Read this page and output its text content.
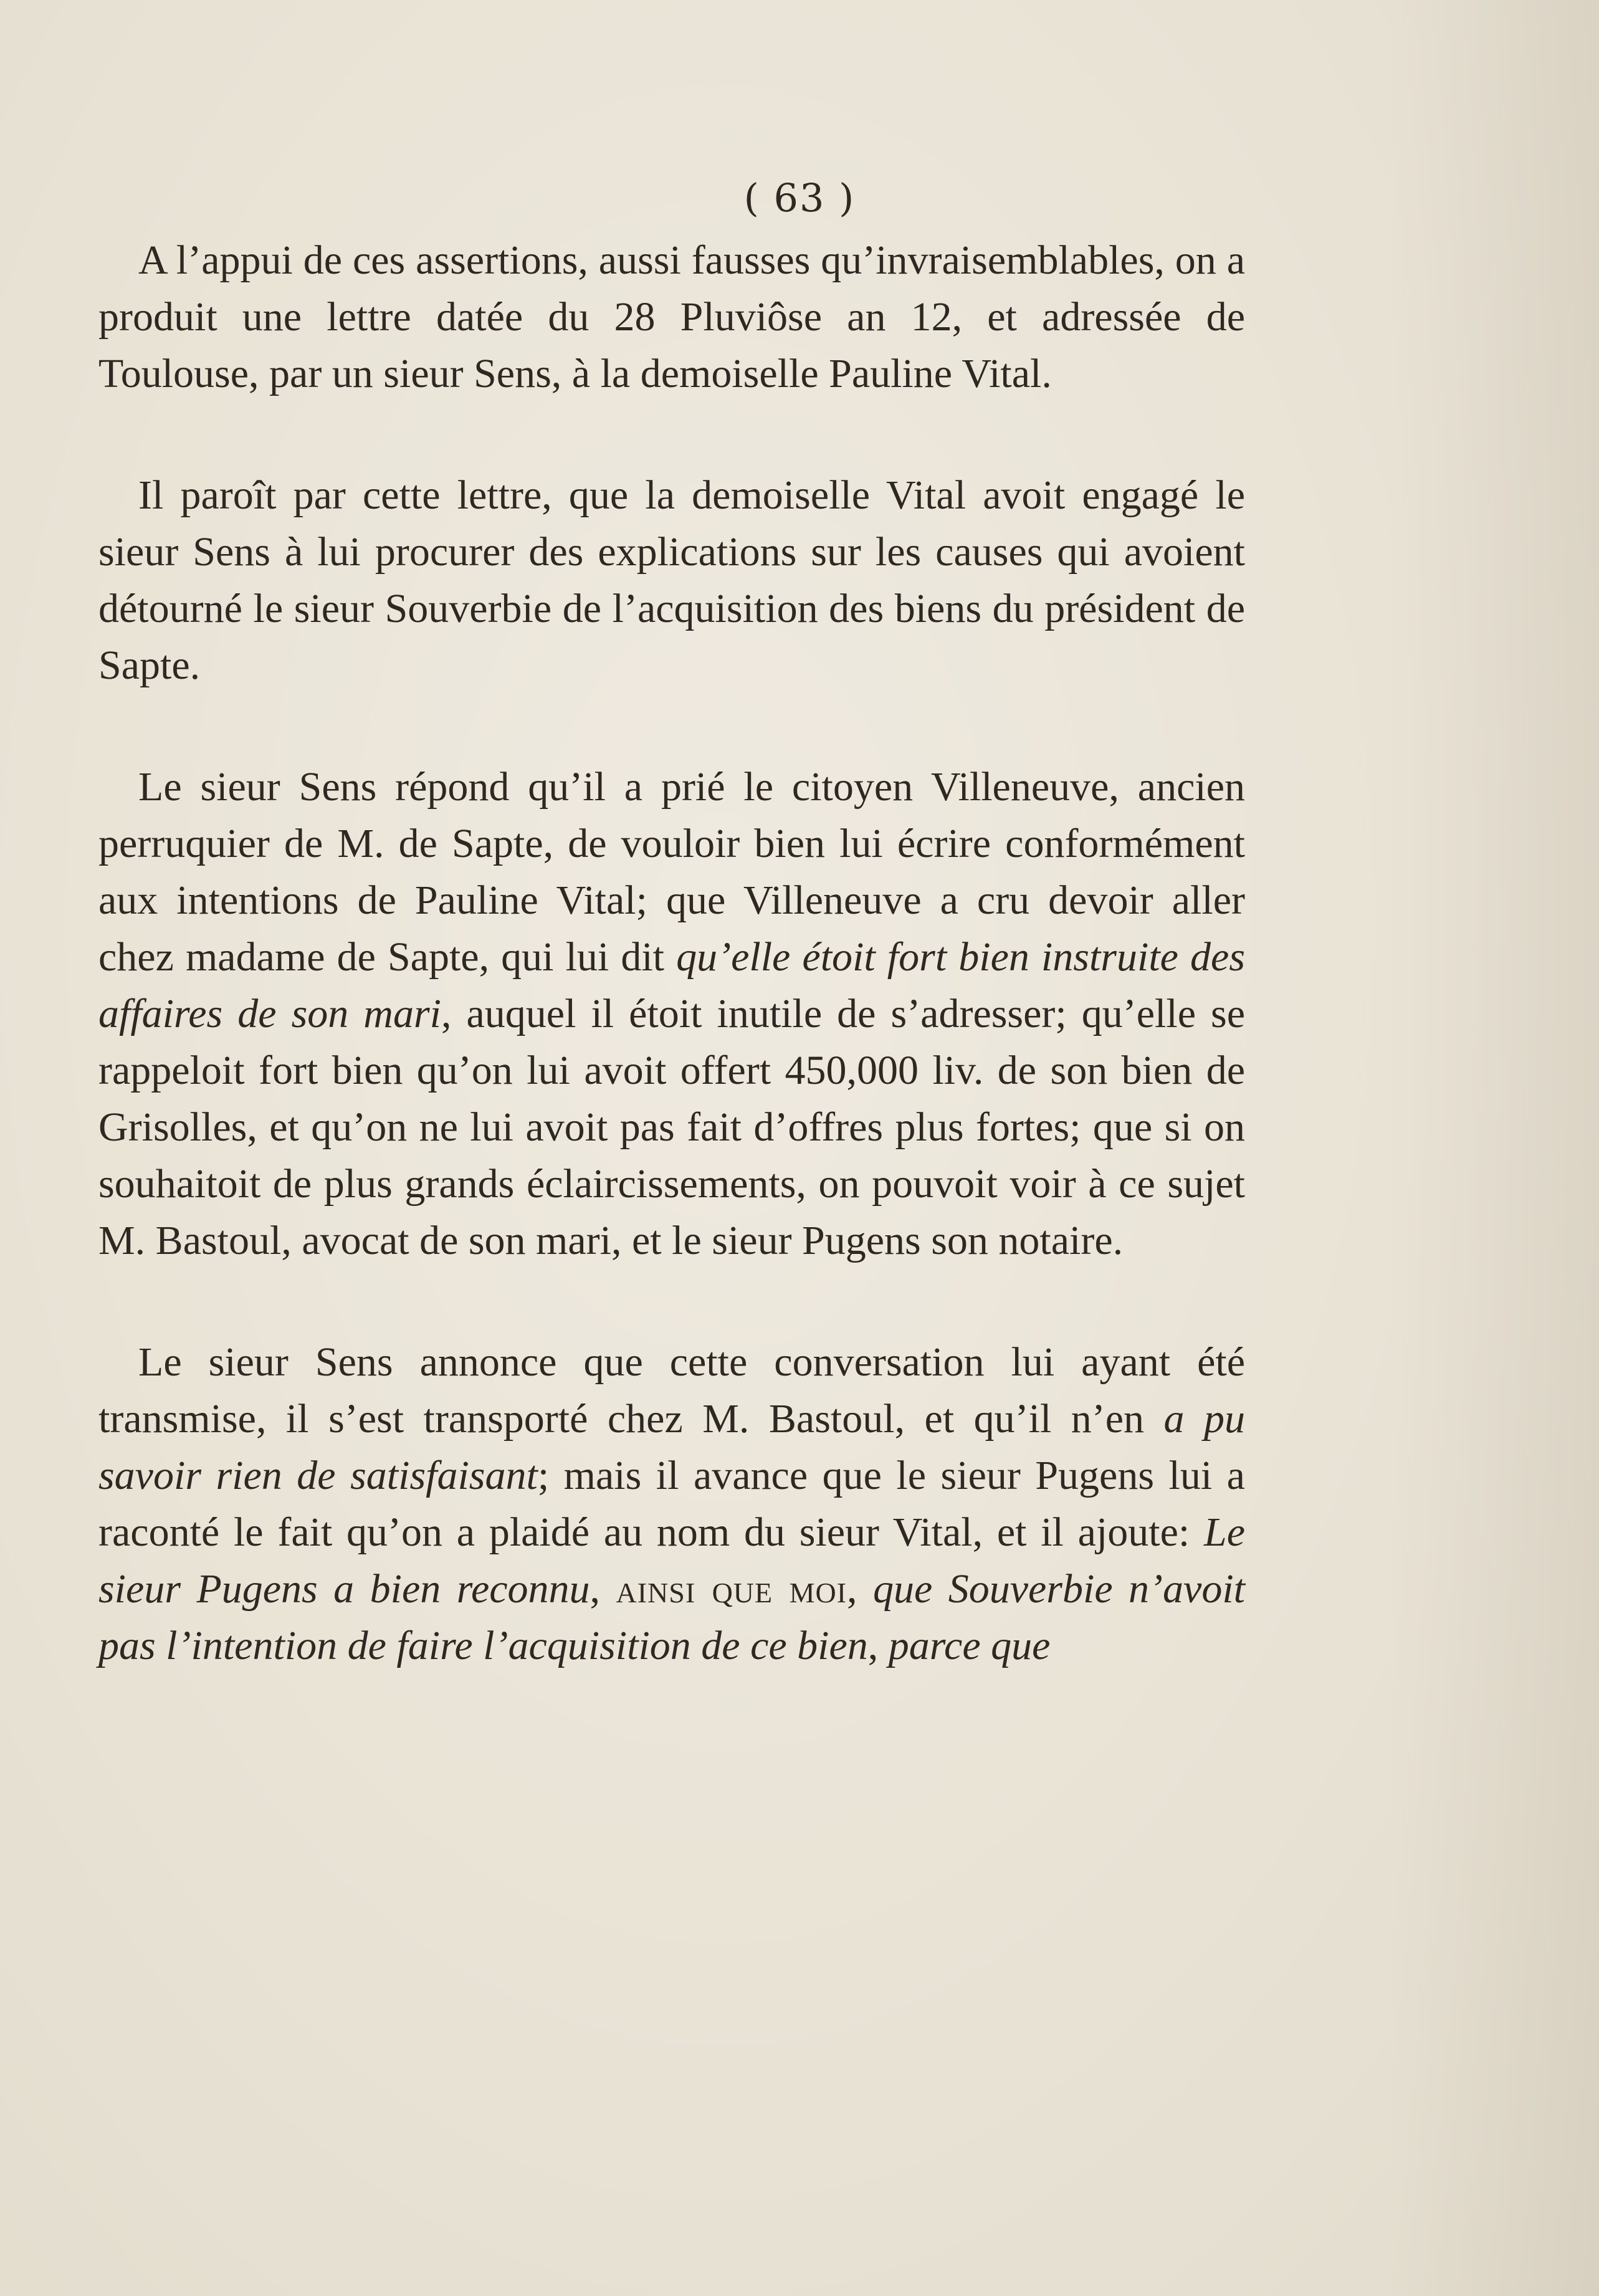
( 63 )

A l’appui de ces assertions, aussi fausses qu’invraisemblables, on a produit une lettre datée du 28 Pluviôse an 12, et adressée de Toulouse, par un sieur Sens, à la demoiselle Pauline Vital.

Il paroît par cette lettre, que la demoiselle Vital avoit engagé le sieur Sens à lui procurer des explications sur les causes qui avoient détourné le sieur Souverbie de l’acquisition des biens du président de Sapte.

Le sieur Sens répond qu’il a prié le citoyen Villeneuve, ancien perruquier de M. de Sapte, de vouloir bien lui écrire conformément aux intentions de Pauline Vital; que Villeneuve a cru devoir aller chez madame de Sapte, qui lui dit qu’elle étoit fort bien instruite des affaires de son mari, auquel il étoit inutile de s’adresser; qu’elle se rappeloit fort bien qu’on lui avoit offert 450,000 liv. de son bien de Grisolles, et qu’on ne lui avoit pas fait d’offres plus fortes; que si on souhaitoit de plus grands éclaircissements, on pouvoit voir à ce sujet M. Bastoul, avocat de son mari, et le sieur Pugens son notaire.

Le sieur Sens annonce que cette conversation lui ayant été transmise, il s’est transporté chez M. Bastoul, et qu’il n’en a pu savoir rien de satisfaisant; mais il avance que le sieur Pugens lui a raconté le fait qu’on a plaidé au nom du sieur Vital, et il ajoute: Le sieur Pugens a bien reconnu, ainsi que moi, que Souverbie n’avoit pas l’intention de faire l’acquisition de ce bien, parce que
